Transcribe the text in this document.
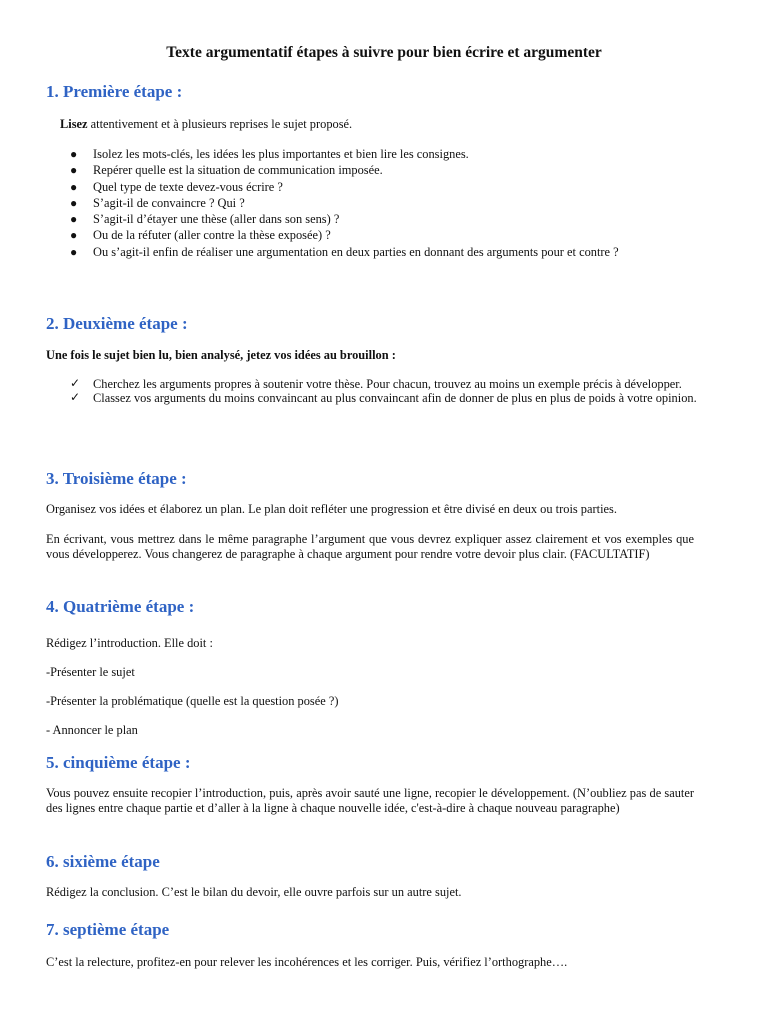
Texte argumentatif étapes à suivre pour bien écrire et argumenter
1. Première étape :

Lisez attentivement et à plusieurs reprises le sujet proposé.

● Isolez les mots-clés, les idées les plus importantes et bien lire les consignes.
● Repérer quelle est la situation de communication imposée.
● Quel type de texte devez-vous écrire ?
● S’agit-il de convaincre ? Qui ?
● S’agit-il d’étayer une thèse (aller dans son sens) ?
● Ou de la réfuter (aller contre la thèse exposée) ?
● Ou s’agit-il enfin de réaliser une argumentation en deux parties en donnant des arguments pour et contre ?
2. Deuxième étape :

Une fois le sujet bien lu, bien analysé, jetez vos idées au brouillon :

✓ Cherchez les arguments propres à soutenir votre thèse. Pour chacun, trouvez au moins un exemple précis à développer.
✓ Classez vos arguments du moins convaincant au plus convaincant afin de donner de plus en plus de poids à votre opinion.
3. Troisième étape :

Organisez vos idées et élaborez un plan. Le plan doit refléter une progression et être divisé en deux ou trois parties.

En écrivant, vous mettrez dans le même paragraphe l’argument que vous devrez expliquer assez clairement et vos exemples que vous développerez. Vous changerez de paragraphe à chaque argument pour rendre votre devoir plus clair. (FACULTATIF)

4. Quatrième étape :

Rédigez l’introduction. Elle doit :

-Présenter le sujet

-Présenter la problématique (quelle est la question posée ?)

- Annoncer le plan

5. cinquième étape :

Vous pouvez ensuite recopier l’introduction, puis, après avoir sauté une ligne, recopier le développement. (N’oubliez pas de sauter des lignes entre chaque partie et d’aller à la ligne à chaque nouvelle idée, c'est-à-dire à chaque nouveau paragraphe)

6. sixième étape

Rédigez la conclusion. C’est le bilan du devoir, elle ouvre parfois sur un autre sujet.

7. septième étape

C’est la relecture, profitez-en pour relever les incohérences et les corriger. Puis, vérifiez l’orthographe….
